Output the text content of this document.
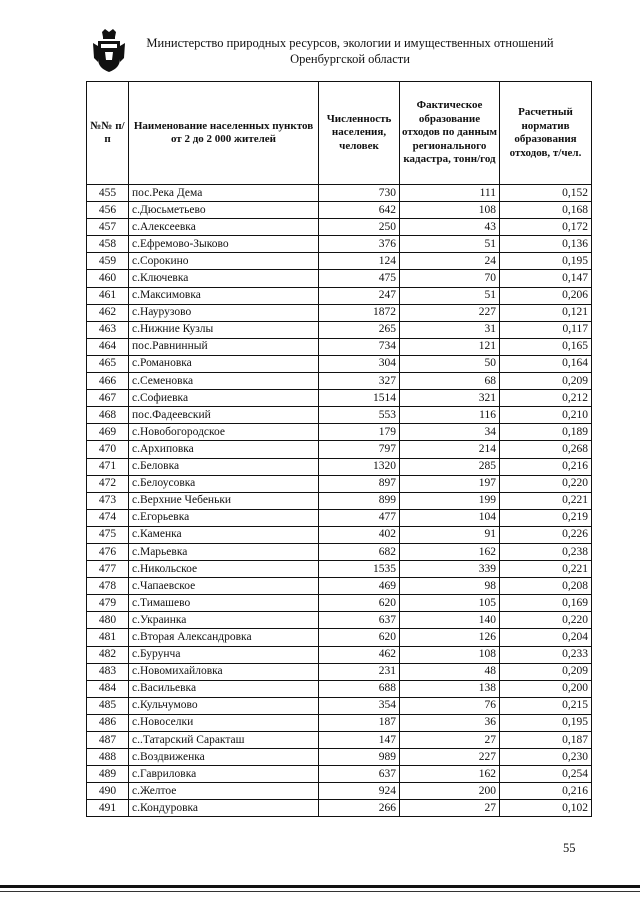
Министерство природных ресурсов, экологии и имущественных отношений
Оренбургской области
№№ п/п	Наименование населенных пунктов от 2 до 2 000 жителей	Численность населения, человек	Фактическое образование отходов по данным регионального кадастра, тонн/год	Расчетный норматив образования отходов, т/чел.
455	пос.Река Дема	730	111	0,152
456	с.Дюсьметьево	642	108	0,168
457	с.Алексеевка	250	43	0,172
458	с.Ефремово-Зыково	376	51	0,136
459	с.Сорокино	124	24	0,195
460	с.Ключевка	475	70	0,147
461	с.Максимовка	247	51	0,206
462	с.Наурузово	1872	227	0,121
463	с.Нижние Кузлы	265	31	0,117
464	пос.Равнинный	734	121	0,165
465	с.Романовка	304	50	0,164
466	с.Семеновка	327	68	0,209
467	с.Софиевка	1514	321	0,212
468	пос.Фадеевский	553	116	0,210
469	с.Новобогородское	179	34	0,189
470	с.Архиповка	797	214	0,268
471	с.Беловка	1320	285	0,216
472	с.Белоусовка	897	197	0,220
473	с.Верхние Чебеньки	899	199	0,221
474	с.Егорьевка	477	104	0,219
475	с.Каменка	402	91	0,226
476	с.Марьевка	682	162	0,238
477	с.Никольское	1535	339	0,221
478	с.Чапаевское	469	98	0,208
479	с.Тимашево	620	105	0,169
480	с.Украинка	637	140	0,220
481	с.Вторая Александровка	620	126	0,204
482	с.Бурунча	462	108	0,233
483	с.Новомихайловка	231	48	0,209
484	с.Васильевка	688	138	0,200
485	с.Кульчумово	354	76	0,215
486	с.Новоселки	187	36	0,195
487	с..Татарский Саракташ	147	27	0,187
488	с.Воздвиженка	989	227	0,230
489	с.Гавриловка	637	162	0,254
490	с.Желтое	924	200	0,216
491	с.Кондуровка	266	27	0,102
55
